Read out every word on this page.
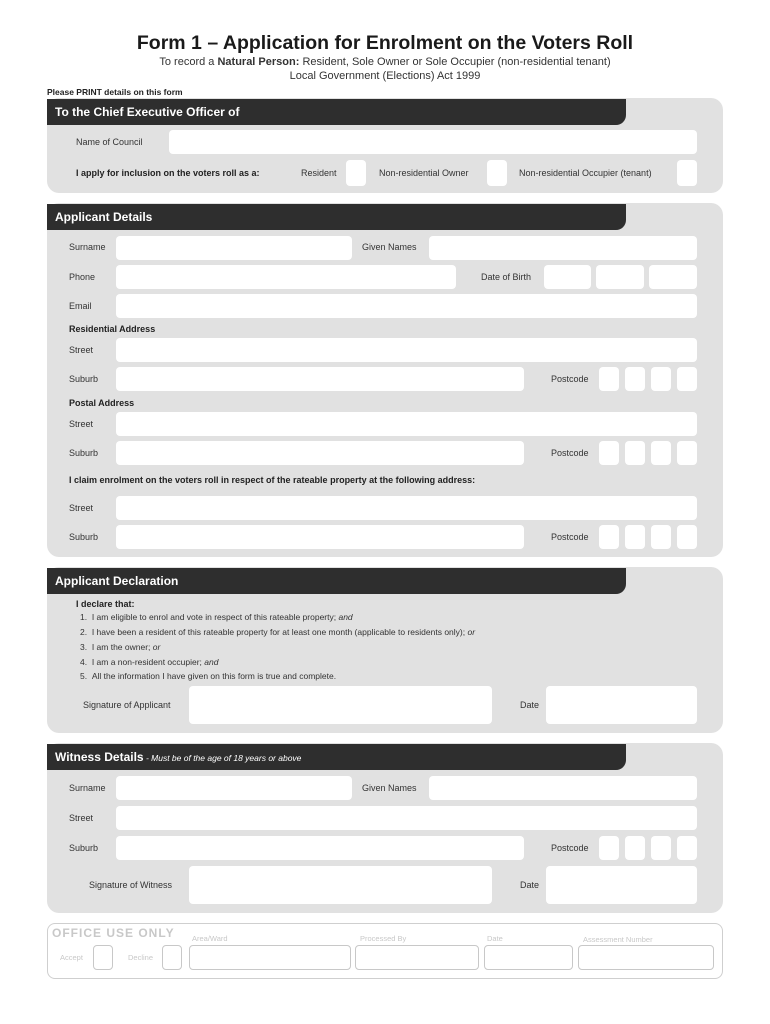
Form 1 – Application for Enrolment on the Voters Roll
To record a Natural Person: Resident, Sole Owner or Sole Occupier (non-residential tenant)
Local Government (Elections) Act 1999
Please PRINT details on this form
To the Chief Executive Officer of
Name of Council
I apply for inclusion on the voters roll as a:	Resident	Non-residential Owner	Non-residential Occupier (tenant)
Applicant Details
Surname	Given Names
Phone	Date of Birth
Email
Residential Address
Street
Suburb	Postcode
Postal Address
Street
Suburb	Postcode
I claim enrolment on the voters roll in respect of the rateable property at the following address:
Street
Suburb	Postcode
Applicant Declaration
I declare that:
1. I am eligible to enrol and vote in respect of this rateable property; and
2. I have been a resident of this rateable property for at least one month (applicable to residents only); or
3. I am the owner; or
4. I am a non-resident occupier; and
5. All the information I have given on this form is true and complete.
Signature of Applicant	Date
Witness Details - Must be of the age of 18 years or above
Surname	Given Names
Street
Suburb	Postcode
Signature of Witness	Date
OFFICE USE ONLY Area/Ward	Processed By	Date	Assessment Number
Accept	Decline
